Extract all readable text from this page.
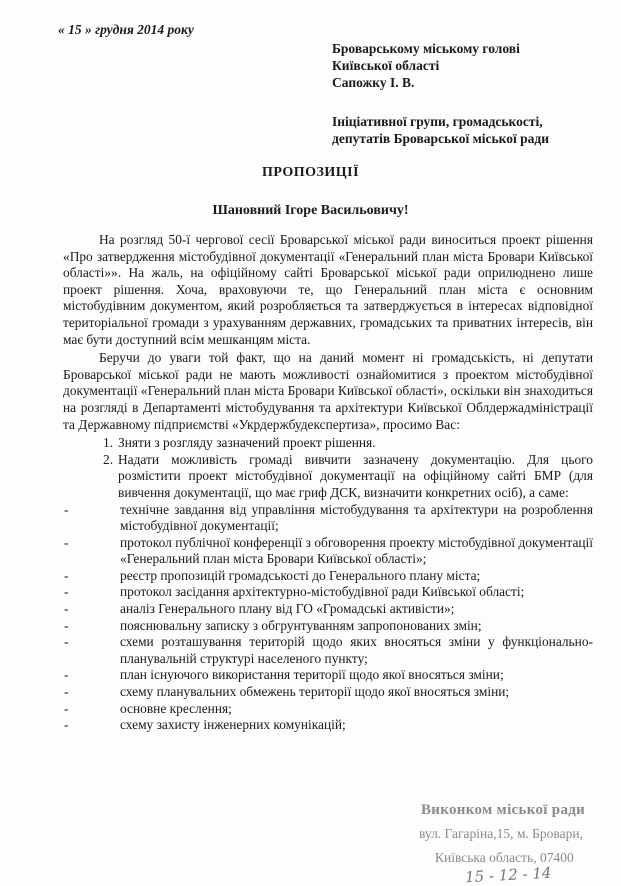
« 15 » грудня 2014 року
Броварському міському голові
Київської області
Сапожку І. В.
Ініціативної групи, громадськості,
депутатів Броварської міської ради
ПРОПОЗИЦІЇ
Шановний Ігоре Васильовичу!

На розгляд 50-ї чергової сесії Броварської міської ради виноситься проект рішення «Про затвердження містобудівної документації «Генеральний план міста Бровари Київської області»». На жаль, на офіційному сайті Броварської міської ради оприлюднено лише проект рішення. Хоча, враховуючи те, що Генеральний план міста є основним містобудівним документом, який розробляється та затверджується в інтересах відповідної територіальної громади з урахуванням державних, громадських та приватних інтересів, він має бути доступний всім мешканцям міста.

Беручи до уваги той факт, що на даний момент ні громадськість, ні депутати Броварської міської ради не мають можливості ознайомитися з проектом містобудівної документації «Генеральний план міста Бровари Київської області», оскільки він знаходиться на розгляді в Департаменті містобудування та архітектури Київської Облдержадміністрації та Державному підприємстві «Укрдержбудекспертиза», просимо Вас:

1. Зняти з розгляду зазначений проект рішення.
2. Надати можливість громаді вивчити зазначену документацію. Для цього розмістити проект містобудівної документації на офіційному сайті БМР (для вивчення документації, що має гриф ДСК, визначити конкретних осіб), а саме:
-	технічне завдання від управління містобудування та архітектури на розроблення містобудівної документації;
-	протокол публічної конференції з обговорення проекту містобудівної документації «Генеральний план міста Бровари Київської області»;
-	реєстр пропозицій громадськості до Генерального плану міста;
-	протокол засідання архітектурно-містобудівної ради Київської області;
-	аналіз Генерального плану від ГО «Громадські активісти»;
-	пояснювальну записку з обгрунтуванням запропонованих змін;
-	схеми розташування територій щодо яких вносяться зміни у функціонально-планувальній структурі населеного пункту;
-	план існуючого використання території щодо якої вносяться зміни;
-	схему планувальних обмежень території щодо якої вносяться зміни;
-	основне креслення;
-	схему захисту інженерних комунікацій;
Виконком міської ради
вул. Гагаріна,15, м. Бровари,
Київська область, 07400
15 - 12 - 14
